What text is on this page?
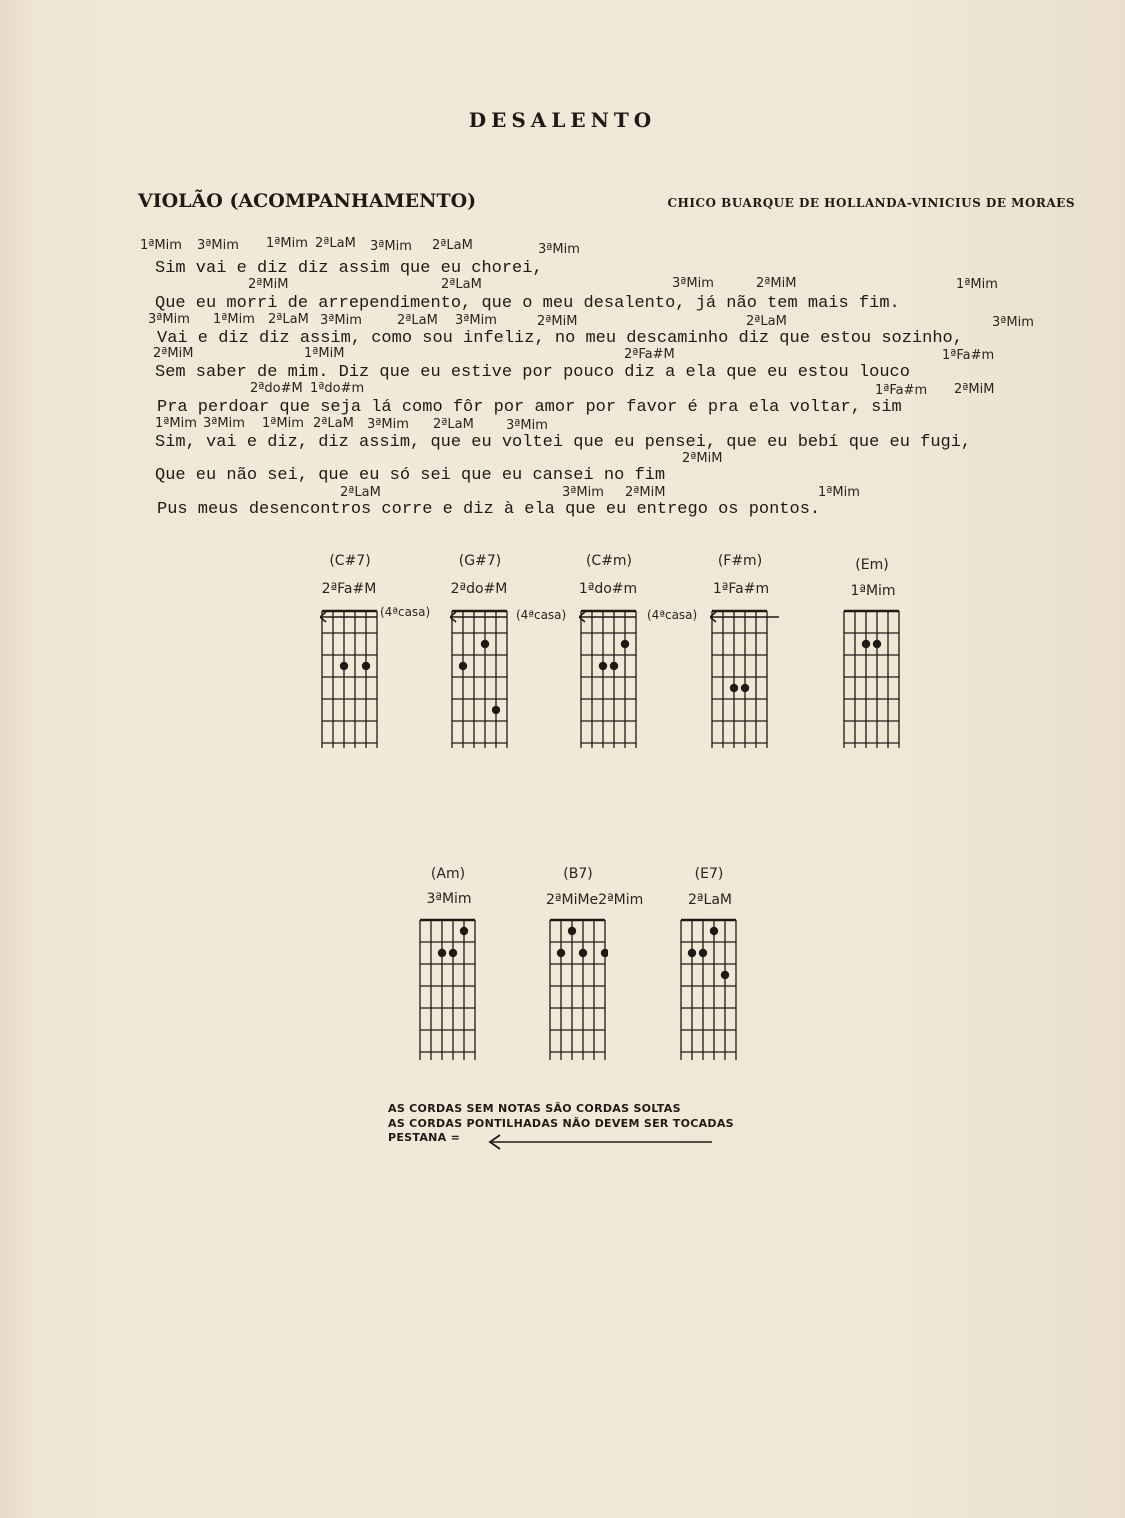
DESALENTO
VIOLÃO (ACOMPANHAMENTO)	CHICO BUARQUE DE HOLLANDA-VINICIUS DE MORAES
1ªMim 3ªMim 1ªMim 2ªLaM 3ªMim 2ªLaM	3ªMim
Sim vai e diz diz assim que eu chorei,
2ªMiM	2ªLaM	3ªMim	2ªMiM	1ªMim
Que eu morri de arrependimento, que o meu desalento, já não tem mais fim.
3ªMim 1ªMim 2ªLaM 3ªMim	2ªLaM 3ªMim	2ªMiM	2ªLaM	3ªMim
Vai e diz diz assim, como sou infeliz, no meu descaminho diz que estou sozinho,
2ªMiM	1ªMiM	2ªFa#M	1ªFa#m
Sem saber de mim. Diz que eu estive por pouco diz a ela que eu estou louco
2ªdo#M 1ªdo#m	1ªFa#m 2ªMiM
Pra perdoar que seja lá como fôr por amor por favor é pra ela voltar, sim
1ªMim 3ªMim 1ªMim 2ªLaM 3ªMim 2ªLaM 3ªMim
Sim, vai e diz, diz assim, que eu voltei que eu pensei, que eu bebí que eu fugi,
2ªMiM
Que eu não sei, que eu só sei que eu cansei no fim
2ªLaM	3ªMim 2ªMiM	1ªMim
Pus meus desencontros corre e diz à ela que eu entrego os pontos.
(C#7)
2ªFa#M
(4ªcasa)
(G#7)
2ªdo#M
(4ªcasa)
(C#m)
1ªdo#m
(4ªcasa)
(F#m)
1ªFa#m
(Em)
1ªMim
(Am)
3ªMim
(B7)
2ªMiMe2ªMim
(E7)
2ªLaM
AS CORDAS SEM NOTAS SÃO CORDAS SOLTAS
AS CORDAS PONTILHADAS NÃO DEVEM SER TOCADAS
PESTANA =
